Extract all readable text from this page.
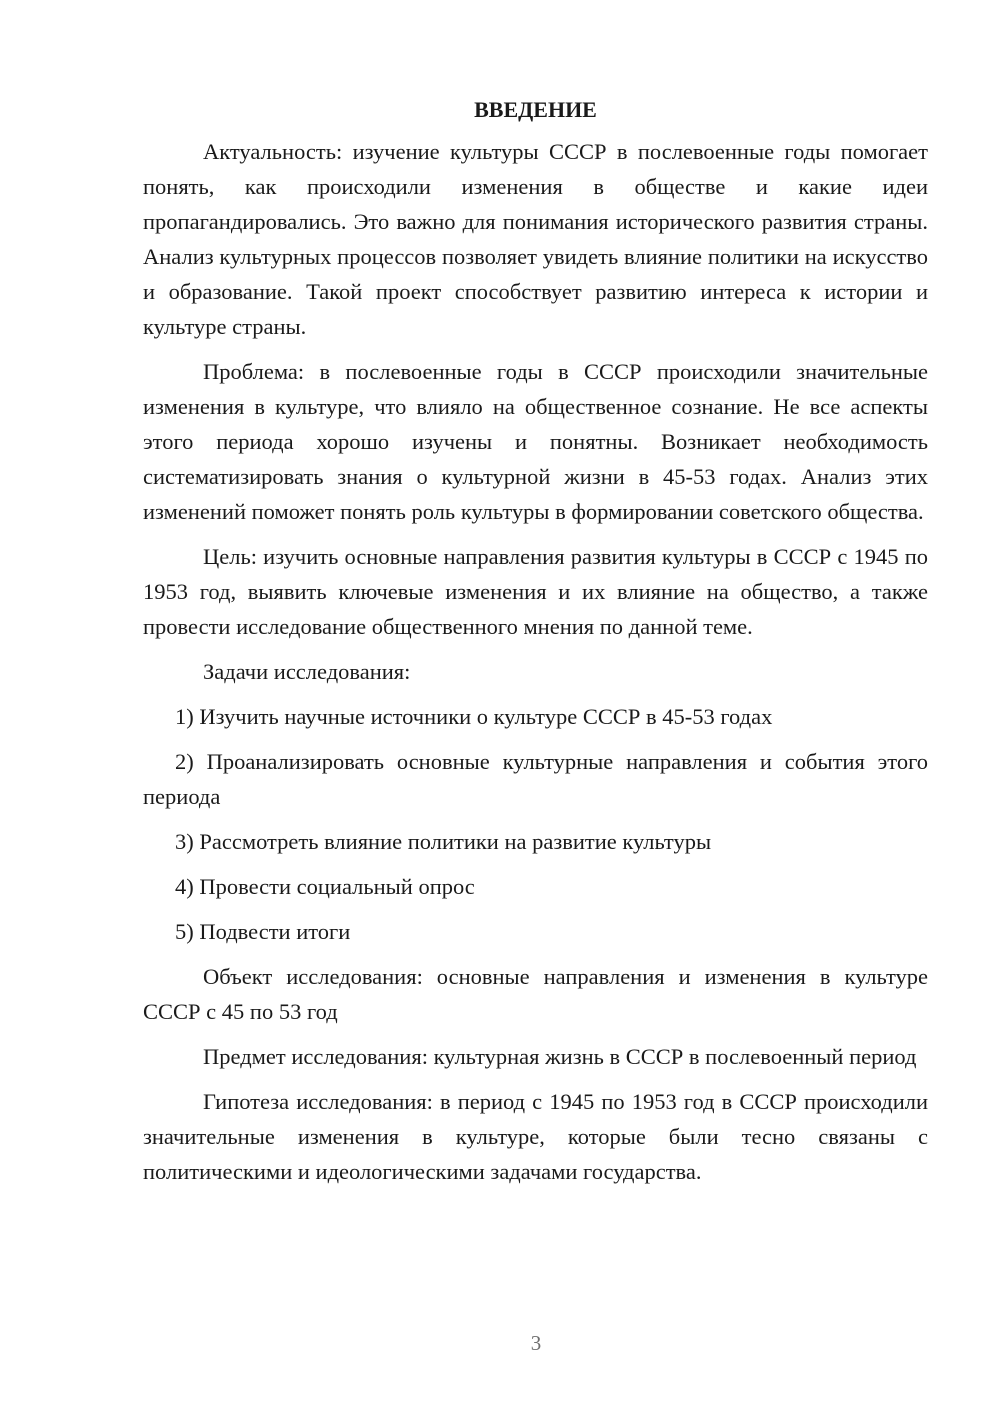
ВВЕДЕНИЕ

Актуальность: изучение культуры СССР в послевоенные годы помогает понять, как происходили изменения в обществе и какие идеи пропагандировались. Это важно для понимания исторического развития страны. Анализ культурных процессов позволяет увидеть влияние политики на искусство и образование. Такой проект способствует развитию интереса к истории и культуре страны.

Проблема: в послевоенные годы в СССР происходили значительные изменения в культуре, что влияло на общественное сознание. Не все аспекты этого периода хорошо изучены и понятны. Возникает необходимость систематизировать знания о культурной жизни в 45-53 годах. Анализ этих изменений поможет понять роль культуры в формировании советского общества.

Цель: изучить основные направления развития культуры в СССР с 1945 по 1953 год, выявить ключевые изменения и их влияние на общество, а также провести исследование общественного мнения по данной теме.

Задачи исследования:

1) Изучить научные источники о культуре СССР в 45-53 годах

2) Проанализировать основные культурные направления и события этого периода

3) Рассмотреть влияние политики на развитие культуры

4) Провести социальный опрос

5) Подвести итоги

Объект исследования: основные направления и изменения в культуре СССР с 45 по 53 год

Предмет исследования: культурная жизнь в СССР в послевоенный период

Гипотеза исследования: в период с 1945 по 1953 год в СССР происходили значительные изменения в культуре, которые были тесно связаны с политическими и идеологическими задачами государства.

3
